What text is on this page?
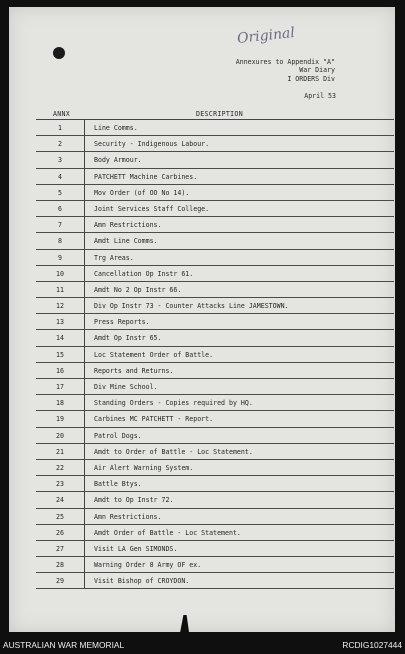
Original
Annexures to Appendix "A"
War Diary
I ORDERS Div
April 53
ANNX	DESCRIPTION
1	Line Comms.
2	Security - Indigenous Labour.
3	Body Armour.
4	PATCHETT Machine Carbines.
5	Mov Order (of OO No 14).
6	Joint Services Staff College.
7	Amn Restrictions.
8	Amdt Line Comms.
9	Trg Areas.
10	Cancellation Op Instr 61.
11	Amdt No 2 Op Instr 66.
12	Div Op Instr 73 - Counter Attacks Line JAMESTOWN.
13	Press Reports.
14	Amdt Op Instr 65.
15	Loc Statement Order of Battle.
16	Reports and Returns.
17	Div Mine School.
18	Standing Orders - Copies required by HQ.
19	Carbines MC PATCHETT - Report.
20	Patrol Dogs.
21	Amdt to Order of Battle - Loc Statement.
22	Air Alert Warning System.
23	Battle Btys.
24	Amdt to Op Instr 72.
25	Amn Restrictions.
26	Amdt Order of Battle - Loc Statement.
27	Visit LA Gen SIMONDS.
28	Warning Order 8 Army OF ex.
29	Visit Bishop of CROYDON.
AUSTRALIAN WAR MEMORIAL	RCDIG1027444
